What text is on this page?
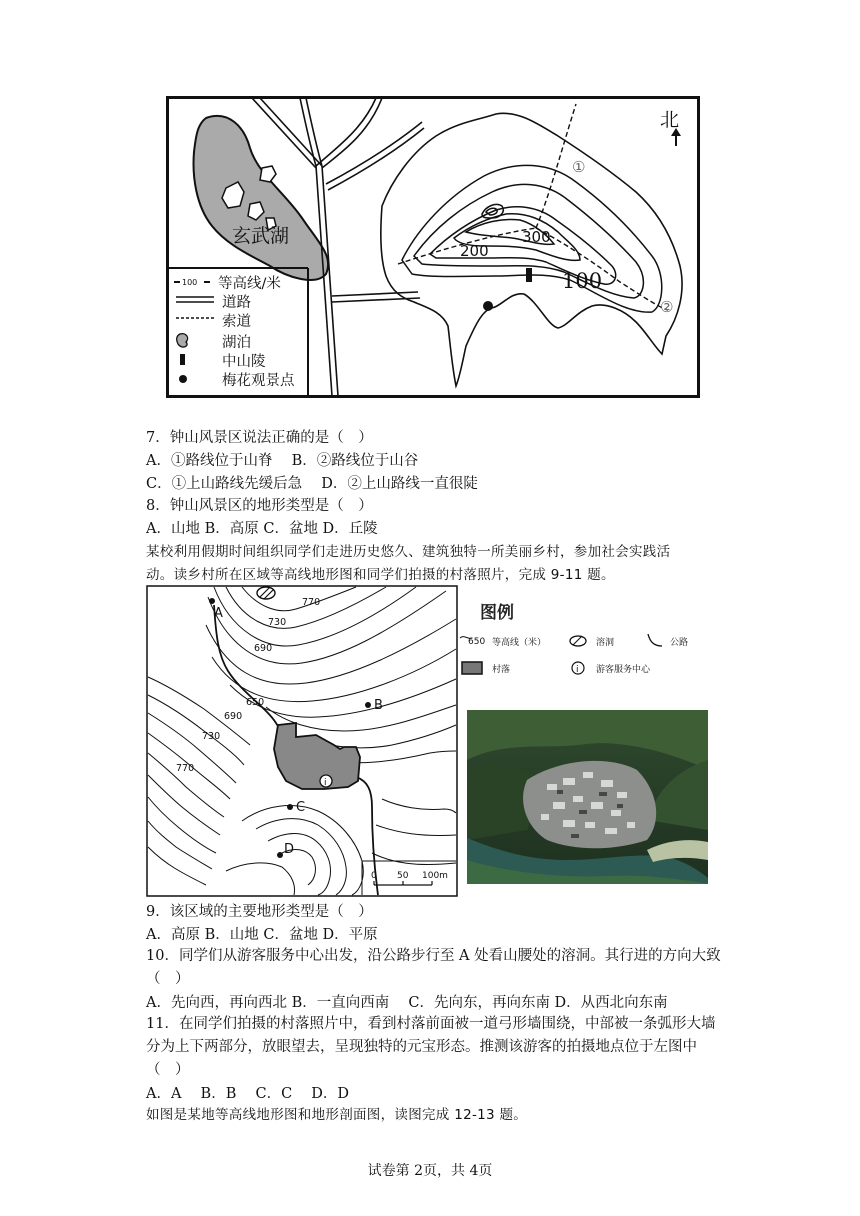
玄武湖
①
②
300
200
100
北
100 等高线/米
道路
索道
湖泊
中山陵
梅花观景点
7．钟山风景区说法正确的是（　）
A．①路线位于山脊　 B．②路线位于山谷
C．①上山路线先缓后急　 D．②上山路线一直很陡
8．钟山风景区的地形类型是（　）
A．山地 B．高原 C．盆地 D．丘陵
某校利用假期时间组织同学们走进历史悠久、建筑独特一所美丽乡村，参加社会实践活
动。读乡村所在区域等高线地形图和同学们拍摄的村落照片，完成 9-11 题。
i
A
B
C
D
770
730
690
650
690
730
770
0 50 100m
图例
650 等高线（米）	溶洞	公路
村落	i 游客服务中心
9．该区域的主要地形类型是（　）
A．高原 B．山地 C．盆地 D．平原
10．同学们从游客服务中心出发，沿公路步行至 A 处看山腰处的溶洞。其行进的方向大致（　）
A．先向西，再向西北 B．一直向西南　 C．先向东，再向东南 D．从西北向东南
11．在同学们拍摄的村落照片中，看到村落前面被一道弓形墙围绕，中部被一条弧形大墙分为上下两部分，放眼望去，呈现独特的元宝形态。推测该游客的拍摄地点位于左图中（　）
A．A　 B．B　 C．C　 D．D
如图是某地等高线地形图和地形剖面图，读图完成 12-13 题。
试卷第 2页，共 4页
